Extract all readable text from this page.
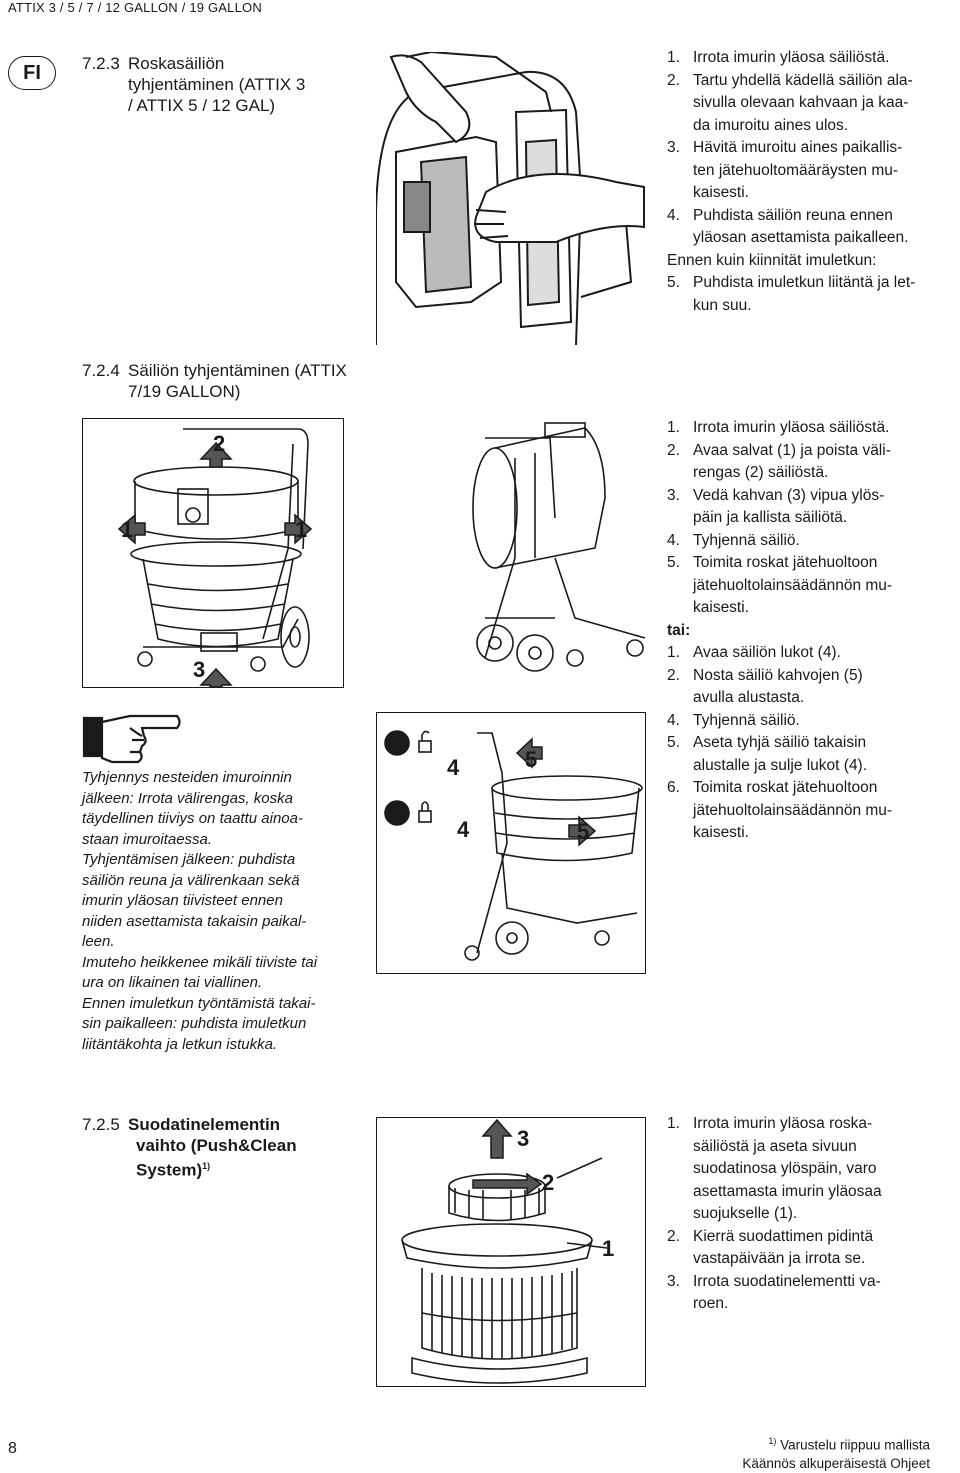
ATTIX 3 / 5 / 7 / 12 GALLON / 19 GALLON
FI	7.2.3 Roskasäiliön
tyhjentäminen (ATTIX 3
/ ATTIX 5 / 12 GAL)
1. Irrota imurin yläosa säiliöstä.
2. Tartu yhdellä kädellä säiliön ala-
sivulla olevaan kahvaan ja kaa-
da imuroitu aines ulos.
3. Hävitä imuroitu aines paikallis-
ten jätehuoltomääräysten mu-
kaisesti.
4. Puhdista säiliön reuna ennen
yläosan asettamista paikalleen.
Ennen kuin kiinnität imuletkun:
5. Puhdista imuletkun liitäntä ja let-
kun suu.
7.2.4 Säiliön tyhjentäminen (ATTIX
7/19 GALLON)
2
1	1
3
1. Irrota imurin yläosa säiliöstä.
2. Avaa salvat (1) ja poista väli-
rengas (2) säiliöstä.
3. Vedä kahvan (3) vipua ylös-
päin ja kallista säiliötä.
4. Tyhjennä säiliö.
5. Toimita roskat jätehuoltoon
jätehuoltolainsäädännön mu-
kaisesti.
tai:
1. Avaa säiliön lukot (4).
2. Nosta säiliö kahvojen (5)
avulla alustasta.
4. Tyhjennä säiliö.
5. Aseta tyhjä säiliö takaisin
alustalle ja sulje lukot (4).
6. Toimita roskat jätehuoltoon
jätehuoltolainsäädännön mu-
kaisesti.
Tyhjennys nesteiden imuroinnin
jälkeen: Irrota välirengas, koska
täydellinen tiiviys on taattu ainoa-
staan imuroitaessa.
Tyhjentämisen jälkeen: puhdista
säiliön reuna ja välirenkaan sekä
imurin yläosan tiivisteet ennen
niiden asettamista takaisin paikal-
leen.
Imuteho heikkenee mikäli tiiviste tai
ura on likainen tai viallinen.
Ennen imuletkun työntämistä takai-
sin paikalleen: puhdista imuletkun
liitäntäkohta ja letkun istukka.
4
4
5
5
7.2.5 Suodatinelementin
vaihto (Push&Clean
System)$^{1)}$
3
2
1
1. Irrota imurin yläosa roska-
säiliöstä ja aseta sivuun
suodatinosa ylöspäin, varo
asettamasta imurin yläosaa
suojukselle (1).
2. Kierrä suodattimen pidintä
vastapäivään ja irrota se.
3. Irrota suodatinelementti va-
roen.
8	$^{1)}$ Varustelu riippuu mallista
Käännös alkuperäisestä Ohjeet
